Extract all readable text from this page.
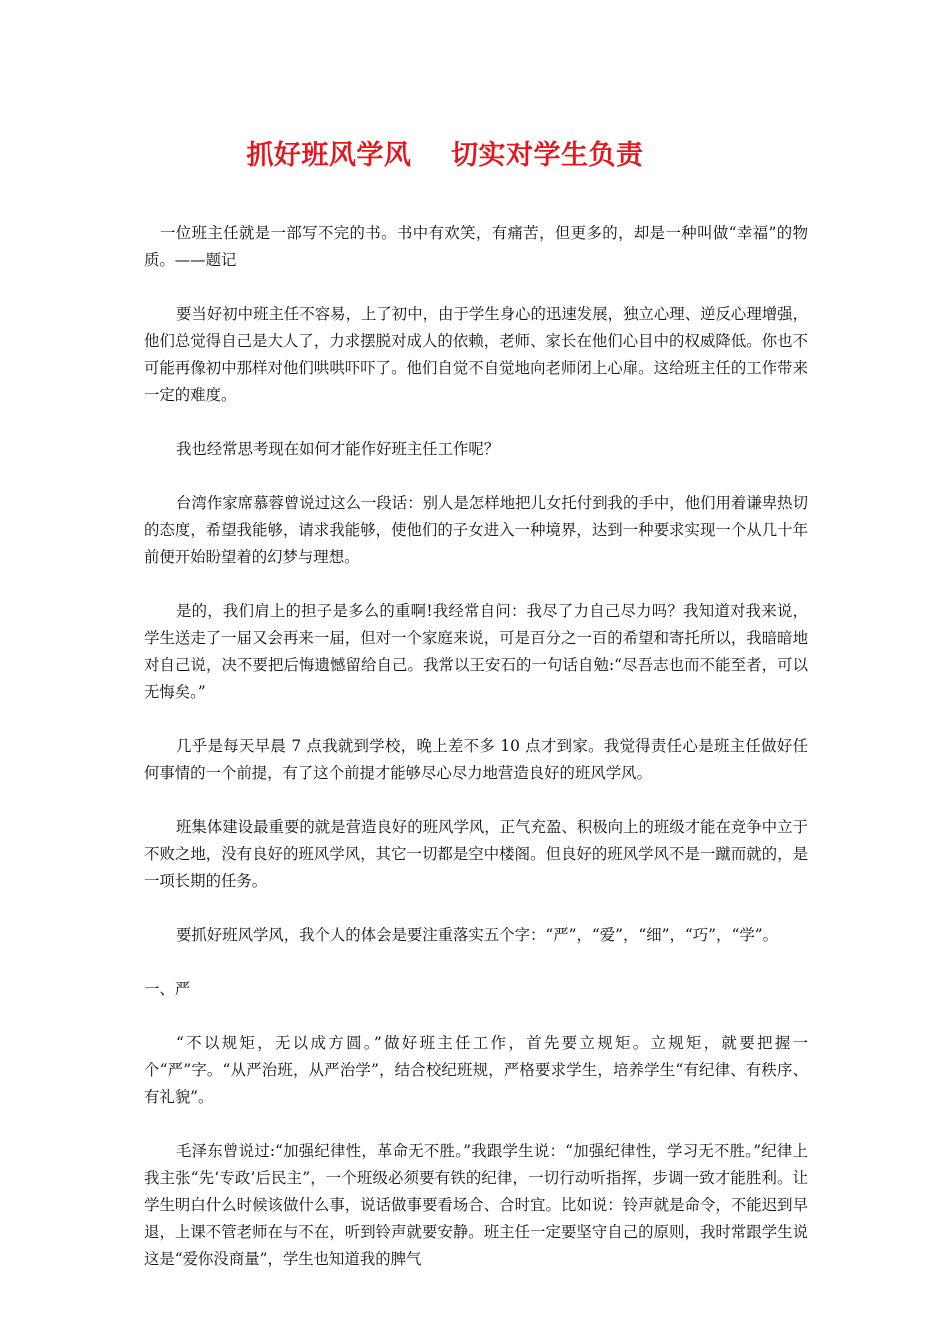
抓好班风学风    切实对学生负责

一位班主任就是一部写不完的书。书中有欢笑，有痛苦，但更多的，却是一种叫做“幸福”的物质。——题记

要当好初中班主任不容易，上了初中，由于学生身心的迅速发展，独立心理、逆反心理增强，他们总觉得自己是大人了，力求摆脱对成人的依赖，老师、家长在他们心目中的权威降低。你也不可能再像初中那样对他们哄哄吓吓了。他们自觉不自觉地向老师闭上心扉。这给班主任的工作带来一定的难度。

我也经常思考现在如何才能作好班主任工作呢？

台湾作家席慕蓉曾说过这么一段话：别人是怎样地把儿女托付到我的手中，他们用着谦卑热切的态度，希望我能够，请求我能够，使他们的子女进入一种境界，达到一种要求实现一个从几十年前便开始盼望着的幻梦与理想。

是的，我们肩上的担子是多么的重啊!我经常自问：我尽了力自己尽力吗？我知道对我来说，学生送走了一届又会再来一届，但对一个家庭来说，可是百分之一百的希望和寄托所以，我暗暗地对自己说，决不要把后悔遗憾留给自己。我常以王安石的一句话自勉:“尽吾志也而不能至者，可以无悔矣。”

几乎是每天早晨 7 点我就到学校，晚上差不多 10 点才到家。我觉得责任心是班主任做好任何事情的一个前提，有了这个前提才能够尽心尽力地营造良好的班风学风。

班集体建设最重要的就是营造良好的班风学风，正气充盈、积极向上的班级才能在竞争中立于不败之地，没有良好的班风学风，其它一切都是空中楼阁。但良好的班风学风不是一蹴而就的，是一项长期的任务。

要抓好班风学风，我个人的体会是要注重落实五个字：“严”，“爱”，“细”，“巧”，“学”。

一、严

“不以规矩，无以成方圆。”做好班主任工作，首先要立规矩。立规矩，就要把握一个“严”字。“从严治班，从严治学”，结合校纪班规，严格要求学生，培养学生“有纪律、有秩序、有礼貌”。

毛泽东曾说过:“加强纪律性，革命无不胜。”我跟学生说：“加强纪律性，学习无不胜。”纪律上我主张“先‘专政’后民主”，一个班级必须要有铁的纪律，一切行动听指挥，步调一致才能胜利。让学生明白什么时候该做什么事，说话做事要看场合、合时宜。比如说：铃声就是命令，不能迟到早退，上课不管老师在与不在，听到铃声就要安静。班主任一定要坚守自己的原则，我时常跟学生说这是“爱你没商量”，学生也知道我的脾气
